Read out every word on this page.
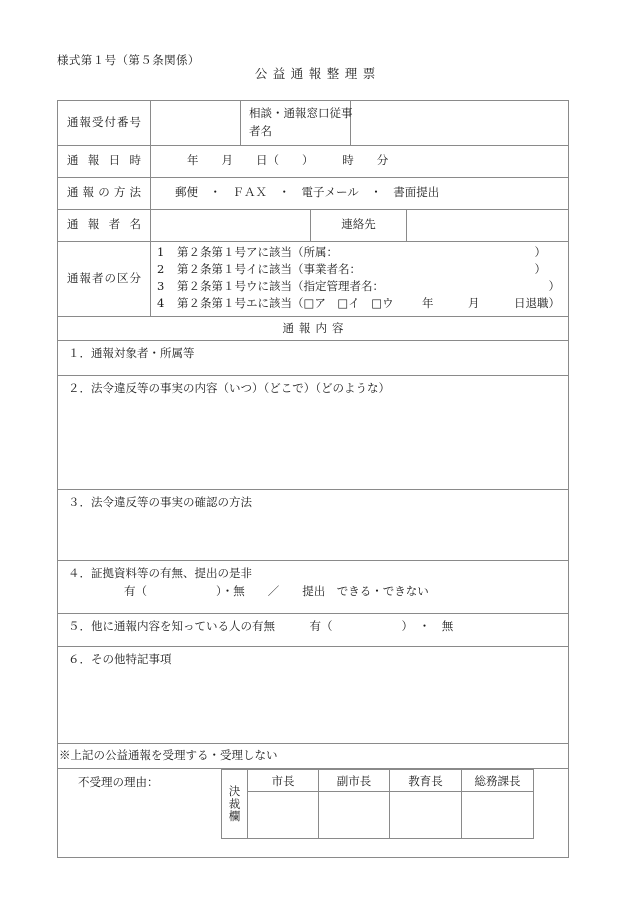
様式第１号（第５条関係）
公益通報整理票
通報受付番号		相談・通報窓口従事
者名			

通報日時	年　　月　　日（　　）　　　時　　分				
通報の方法	郵便　・　ＦＡＸ　・　電子メール　・　書面提出				
通報者名			連絡先		
通報者の区分	
1 第２条第１号アに該当（所属：	）
2 第２条第１号イに該当（事業者名：	）
3 第２条第１号ウに該当（指定管理者名：	）
4 第２条第１号エに該当（□ア　□イ　□ウ 年　　　月　　　日退職）

通報内容					

１．通報対象者・所属等					

２．法令違反等の事実の内容（いつ）（どこで）（どのような）					

３．法令違反等の事実の確認の方法					

４．証拠資料等の有無、提出の是非
有（　　　　　　）・無　　／　　提出　できる・できない					

５．他に通報内容を知っている人の有無　　　有（　　　　　　）　・　無					

６．その他特記事項					

※上記の公益通報を受理する・受理しない					
不受理の理由：					
決
裁
欄	市長	副市長	教育長	総務課長
